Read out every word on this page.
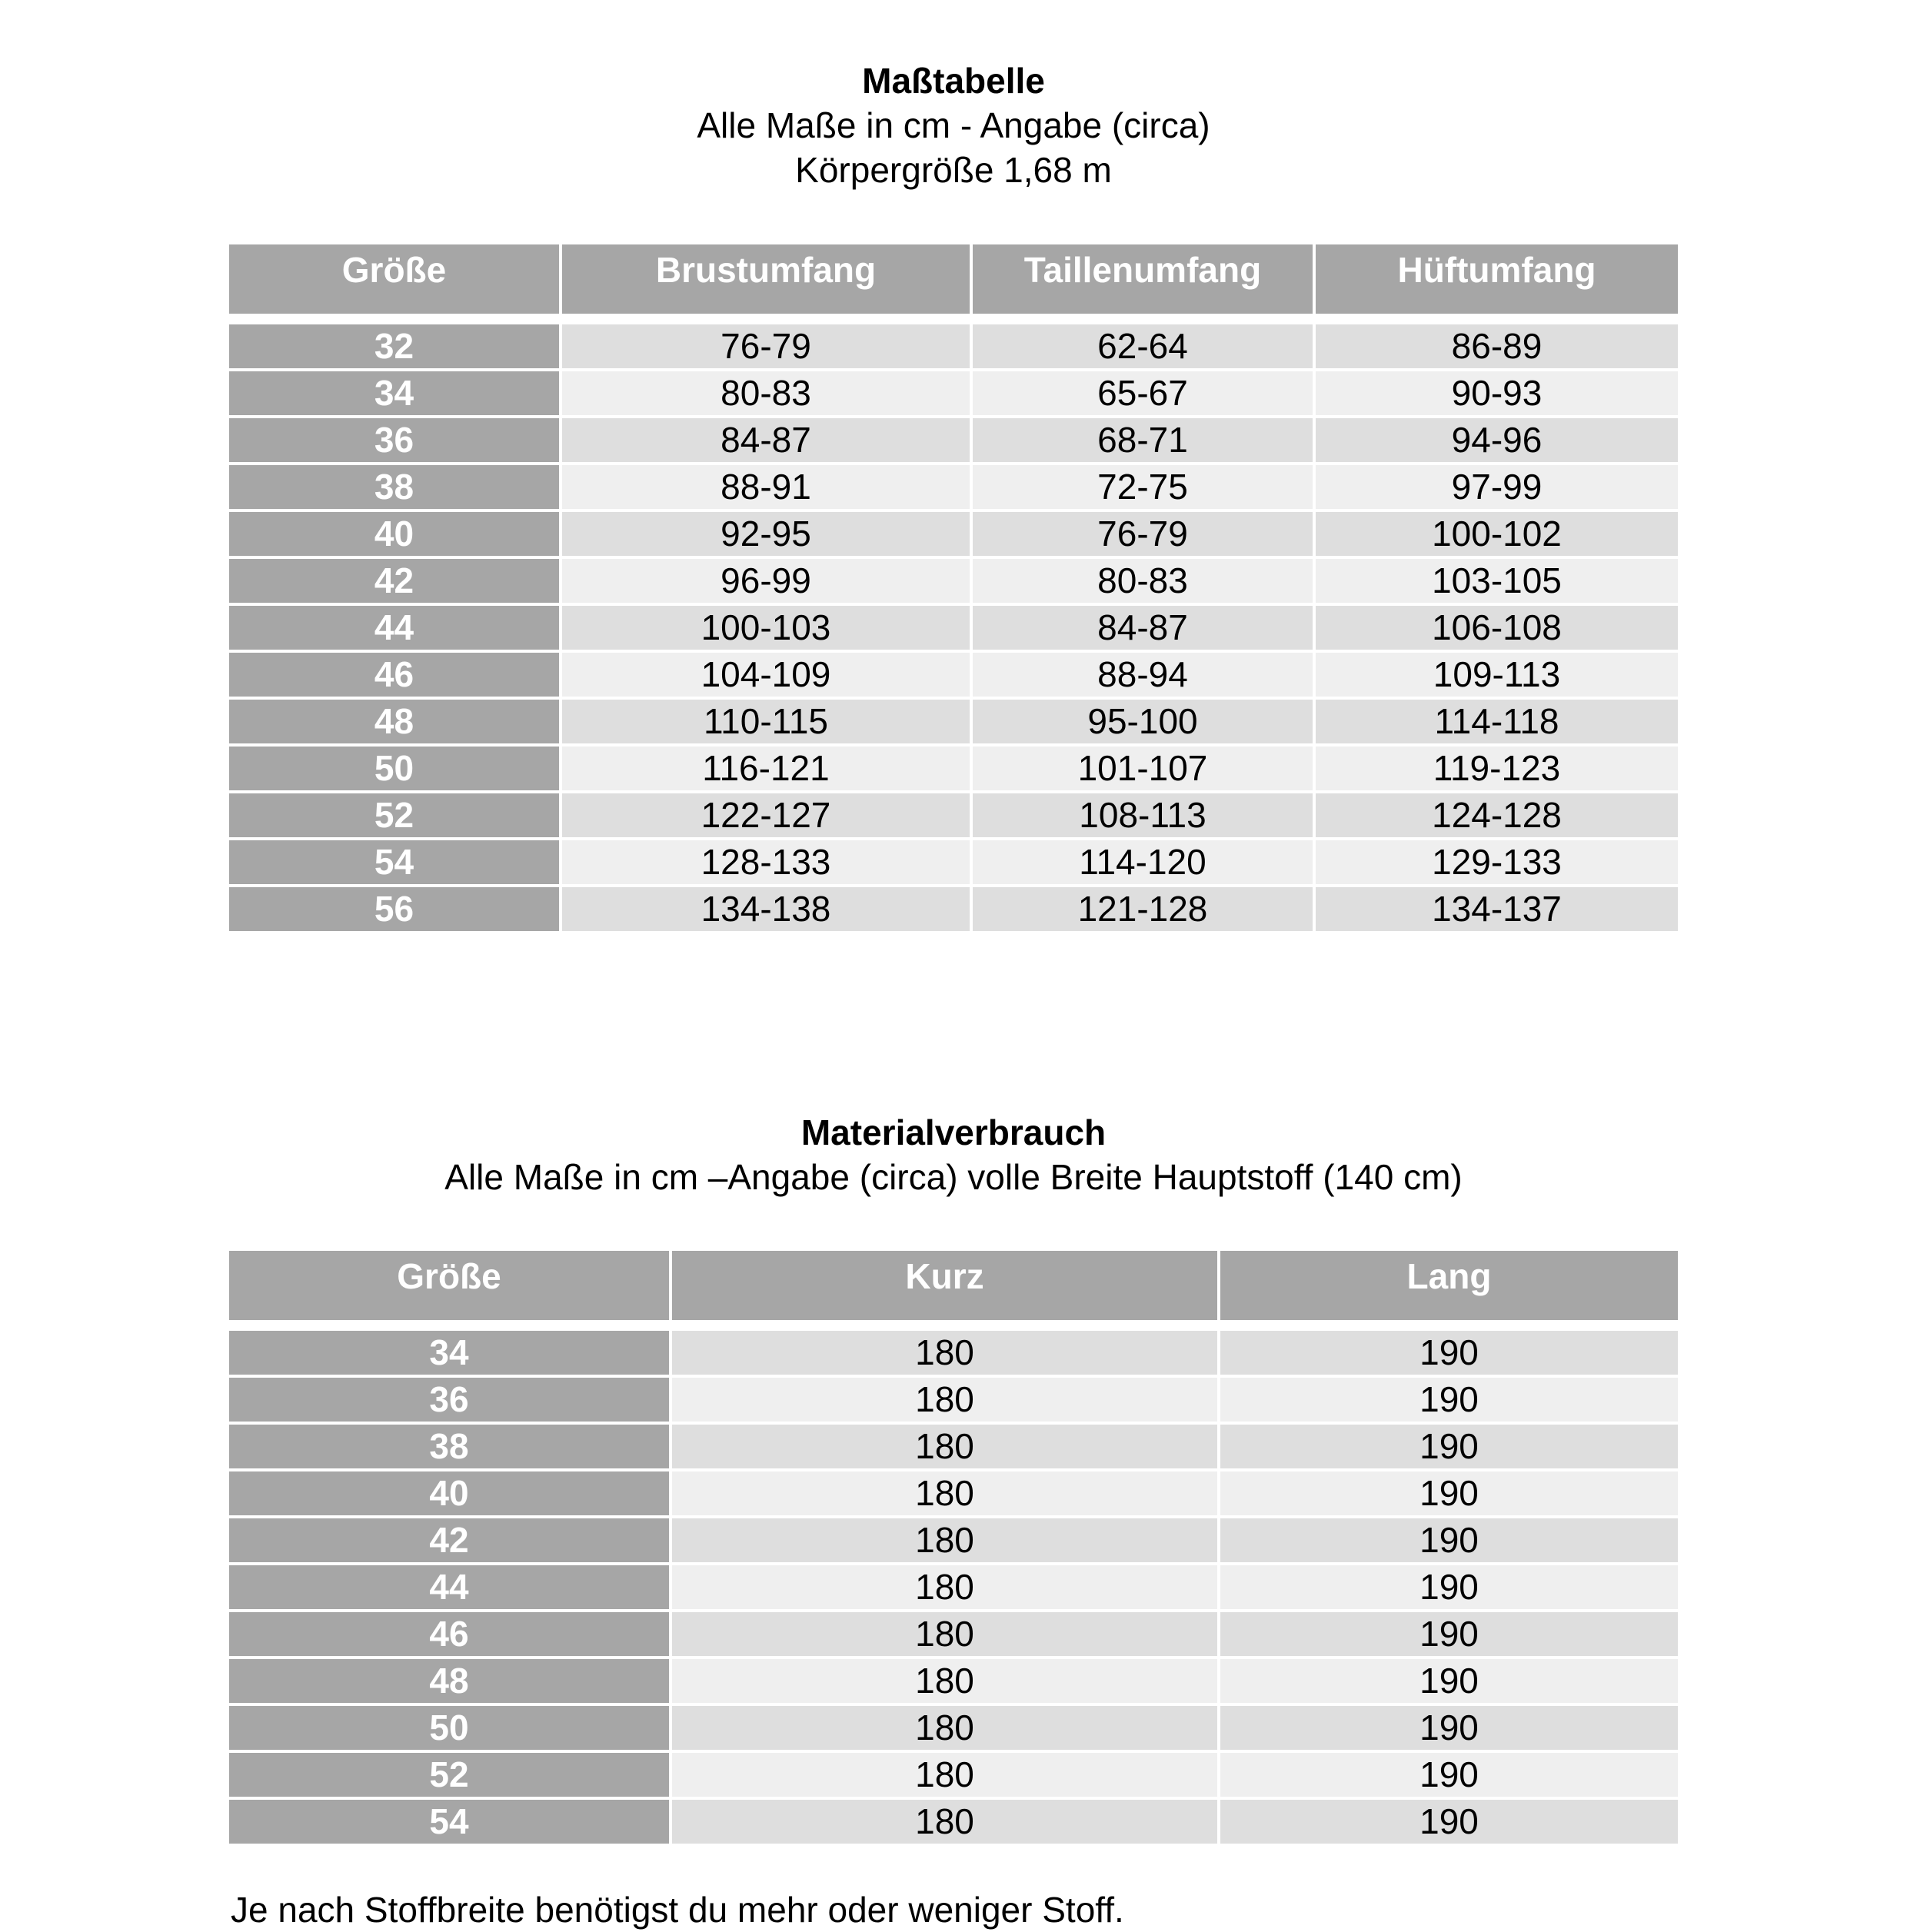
Maßtabelle
Alle Maße in cm - Angabe (circa)
Körpergröße 1,68 m
Größe	Brustumfang	Taillenumfang	Hüftumfang

32	76-79	62-64	86-89
34	80-83	65-67	90-93
36	84-87	68-71	94-96
38	88-91	72-75	97-99
40	92-95	76-79	100-102
42	96-99	80-83	103-105
44	100-103	84-87	106-108
46	104-109	88-94	109-113
48	110-115	95-100	114-118
50	116-121	101-107	119-123
52	122-127	108-113	124-128
54	128-133	114-120	129-133
56	134-138	121-128	134-137
Materialverbrauch
Alle Maße in cm –Angabe (circa) volle Breite Hauptstoff (140 cm)
Größe	Kurz	Lang

34	180	190
36	180	190
38	180	190
40	180	190
42	180	190
44	180	190
46	180	190
48	180	190
50	180	190
52	180	190
54	180	190
Je nach Stoffbreite benötigst du mehr oder weniger Stoff.
